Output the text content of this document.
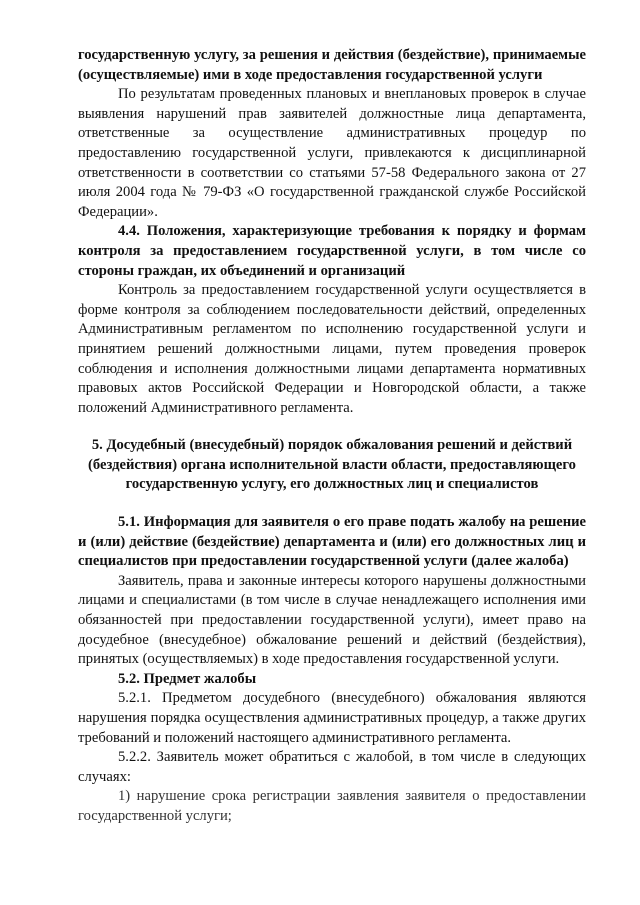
государственную услугу, за решения и действия (бездействие), принимаемые (осуществляемые) ими в ходе предоставления государственной услуги

По результатам проведенных плановых и внеплановых проверок в случае выявления нарушений прав заявителей должностные лица департамента, ответственные за осуществление административных процедур по предоставлению государственной услуги, привлекаются к дисциплинарной ответственности в соответствии со статьями 57-58 Федерального закона от 27 июля 2004 года № 79-ФЗ «О государственной гражданской службе Российской Федерации».

4.4. Положения, характеризующие требования к порядку и формам контроля за предоставлением государственной услуги, в том числе со стороны граждан, их объединений и организаций

Контроль за предоставлением государственной услуги осуществляется в форме контроля за соблюдением последовательности действий, определенных Административным регламентом по исполнению государственной услуги и принятием решений должностными лицами, путем проведения проверок соблюдения и исполнения должностными лицами департамента нормативных правовых актов Российской Федерации и Новгородской области, а также положений Административного регламента.

5. Досудебный (внесудебный) порядок обжалования решений и действий (бездействия) органа исполнительной власти области, предоставляющего государственную услугу, его должностных лиц и специалистов

5.1. Информация для заявителя о его праве подать жалобу на решение и (или) действие (бездействие) департамента и (или) его должностных лиц и специалистов при предоставлении государственной услуги (далее жалоба)

Заявитель, права и законные интересы которого нарушены должностными лицами и специалистами (в том числе в случае ненадлежащего исполнения ими обязанностей при предоставлении государственной услуги), имеет право на досудебное (внесудебное) обжалование решений и действий (бездействия), принятых (осуществляемых) в ходе предоставления государственной услуги.

5.2. Предмет жалобы

5.2.1. Предметом досудебного (внесудебного) обжалования являются нарушения порядка осуществления административных процедур, а также других требований и положений настоящего административного регламента.

5.2.2. Заявитель может обратиться с жалобой, в том числе в следующих случаях:

1) нарушение срока регистрации заявления заявителя о предоставлении государственной услуги;
